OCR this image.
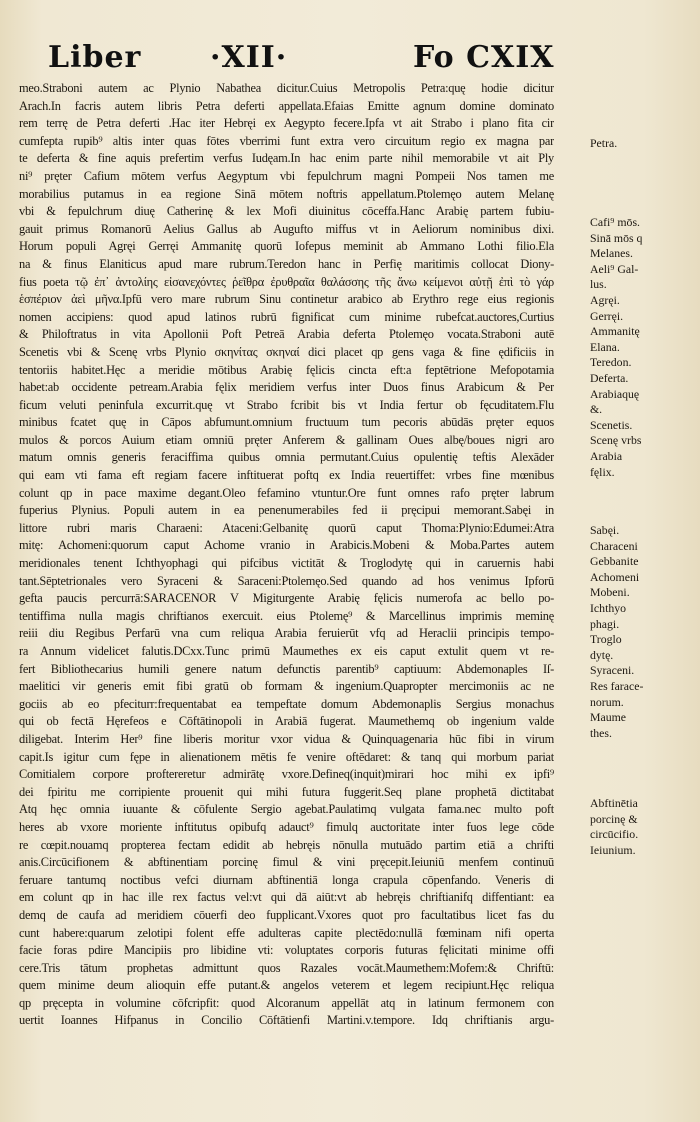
Liber ·XII·	Fo CXIX
meo.Straboni autem ac Plynio Nabathea dicitur.Cuius Metropolis Petra:quę hodie dicitur
Arach.In facris autem libris Petra deferti appellata.Efaias Emitte agnum domine dominato
rem terrę de Petra deferti .Hac iter Hebręi ex Aegypto fecere.Ipfa vt ait Strabo i plano fita cir
cumfepta rupib⁹ altis inter quas fōtes vberrimi funt extra vero circuitum regio ex magna par
te deferta & fine aquis prefertim verfus Iudęam.In hac enim parte nihil memorabile vt ait Ply
ni⁹ pręter Cafium mōtem verfus Aegyptum vbi fepulchrum magni Pompeii Nos tamen me
morabilius putamus in ea regione Sinā mōtem noftris appellatum.Ptolemęo autem Melanę
vbi & fepulchrum diuę Catherinę & lex Mofi diuinitus cōceffa.Hanc Arabię partem fubiu-
gauit primus Romanorū Aelius Gallus ab Augufto miffus vt in Aeliorum nominibus dixi.
Horum populi Agręi Gerręi Ammanitę quorū Iofepus meminit ab Ammano Lothi filio.Ela
na & finus Elaniticus apud mare rubrum.Teredon hanc in Perfię maritimis collocat Diony-
fius poeta τῷ ἐπ᾽ ἀντολίης εἰσανεχόντες ῥεῖθρα ἐρυθραῖα θαλάσσης τῆς ἄνω κείμενοι αὐτῇ ἐπὶ τὸ γάρ
ἑσπέριον ἀεὶ μῆνα.Ipfū vero mare rubrum Sinu continetur arabico ab Erythro rege eius regionis
nomen accipiens: quod apud latinos rubrū fignificat cum minime rubefcat.auctores,Curtius
& Philoftratus in vita Apollonii Poft Petreā Arabia deferta Ptolemęo vocata.Straboni autē
Scenetis vbi & Scenę vrbs Plynio σκηνίτας σκηναί dici placet qp gens vaga & fine ędificiis in
tentoriis habitet.Hęc a meridie mōtibus Arabię fęlicis cincta eft:a feptētrione Mefopotamia
habet:ab occidente petream.Arabia fęlix meridiem verfus inter Duos finus Arabicum & Per
ficum veluti peninfula excurrit.quę vt Strabo fcribit bis vt India fertur ob fęcuditatem.Flu
minibus fcatet quę in Cāpos abfumunt.omnium fructuum tum pecoris abūdās pręter equos
mulos & porcos Auium etiam omniū pręter Anferem & gallinam Oues albę/boues nigri aro
matum omnis generis feraciffima quibus omnia permutant.Cuius opulentię teftis Alexāder
qui eam vti fama eft regiam facere inftituerat poftq ex India reuertiffet: vrbes fine mœnibus
colunt qp in pace maxime degant.Oleo fefamino vtuntur.Ore funt omnes rafo pręter labrum
fuperius Plynius. Populi autem in ea penenumerabiles fed ii pręcipui memorant.Sabęi in
littore rubri maris Charaeni: Ataceni:Gelbanitę quorū caput Thoma:Plynio:Edumei:Atra
mitę: Achomeni:quorum caput Achome vranio in Arabicis.Mobeni & Moba.Partes autem
meridionales tenent Ichthyophagi qui pifcibus victitāt & Troglodytę qui in caruernis habi
tant.Sēptetrionales vero Syraceni & Saraceni:Ptolemęo.Sed quando ad hos venimus Ipforū
gefta paucis percurrā:SARACENOR V Migiturgente Arabię fęlicis numerofa ac bello po-
tentiffima nulla magis chriftianos exercuit. eius Ptolemę⁹ & Marcellinus imprimis meminę
reiii diu Regibus Perfarū vna cum reliqua Arabia feruierūt vfq ad Heraclii principis tempo-
ra Annum videlicet falutis.DCxx.Tunc primū Maumethes ex eis caput extulit quem vt re-
fert Bibliothecarius humili genere natum defunctis parentib⁹ captiuum: Abdemonaples Iſ-
maelitici vir generis emit fibi gratū ob formam & ingenium.Quapropter mercimoniis ac ne
gociis ab eo pfeciturr:frequentabat ea tempeftate domum Abdemonaplis Sergius monachus
qui ob fectā Hęrefeos e Cōftātinopoli in Arabiā fugerat. Maumethemq ob ingenium valde
diligebat. Interim Her⁹ fine liberis moritur vxor vidua & Quinquagenaria hūc fibi in virum
capit.Is igitur cum fępe in alienationem mētis fe venire oftēdaret: & tanq qui morbum pariat
Comitialem corpore proftereretur admirātę vxore.Defineq(inquit)mirari hoc mihi ex ipfi⁹
dei fpiritu me corripiente prouenit qui mihi futura fuggerit.Seq plane prophetā dictitabat
Atq hęc omnia iuuante & cōfulente Sergio agebat.Paulatimq vulgata fama.nec multo poft
heres ab vxore moriente inftitutus opibufq adauct⁹ fimulq auctoritate inter fuos lege cōde
re cœpit.nouamq propterea fectam edidit ab hebręis nōnulla mutuādo partim etiā a chrifti
anis.Circūcifionem & abftinentiam porcinę fimul & vini pręcepit.Ieiuniū menfem continuū
feruare tantumq noctibus vefci diurnam abftinentiā longa crapula cōpenfando. Veneris di
em colunt qp in hac ille rex factus vel:vt qui dā aiūt:vt ab hebręis chriftianifq diffentiant: ea
demq de caufa ad meridiem cōuerfi deo fupplicant.Vxores quot pro facultatibus licet fas du
cunt habere:quarum zelotipi folent effe adulteras capite plectēdo:nullā fœminam nifi operta
facie foras pdire Mancipiis pro libidine vti: voluptates corporis futuras fęlicitati minime offi
cere.Tris tātum prophetas admittunt quos Razales vocāt.Maumethem:Mofem:& Chriftū:
quem minime deum alioquin effe putant.& angelos veterem et legem recipiunt.Hęc reliqua
qp pręcepta in volumine cōfcripfit: quod Alcoranum appellāt atq in latinum fermonem con
uertit Ioannes Hifpanus in Concilio Cōftātienfi Martini.v.tempore. Idq chriftianis argu-
Petra.
Cafi⁹ mōs.
Sinā mōs q
Melanes.
Aeli⁹ Gal-
lus.
Agręi.
Gerręi.
Ammanitę
Elana.
Teredon.
Deferta.
Arabiaquę
&.
Scenetis.
Scenę vrbs
Arabia
fęlix.
Sabęi.
Characeni
Gebbanite
Achomeni
Mobeni.
Ichthyo
phagi.
Troglo
dytę.
Syraceni.
Res farace-
norum.
Maume
thes.
Abftinētia
porcinę &
circūcifio.
Ieiunium.
